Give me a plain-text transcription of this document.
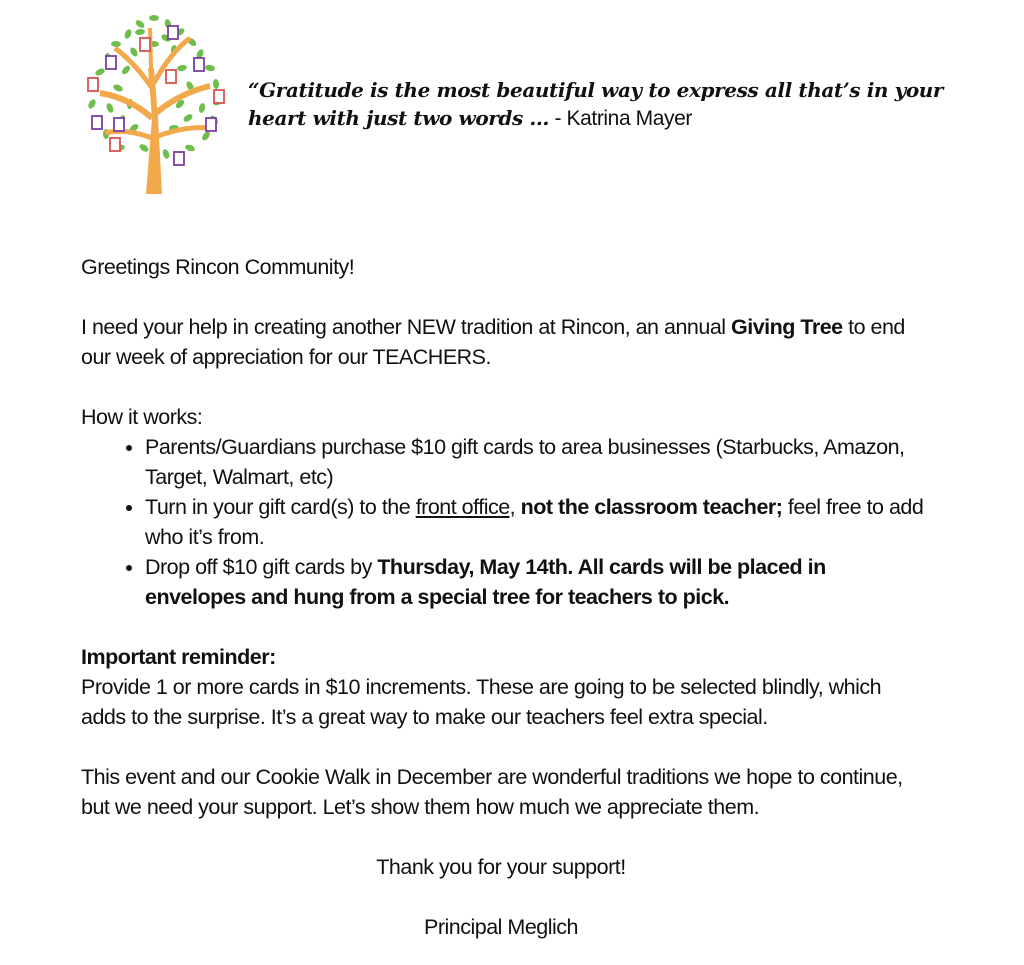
“Gratitude is the most beautiful way to express all that’s in your heart with just two words … - Katrina Mayer

Greetings Rincon Community!

I need your help in creating another NEW tradition at Rincon, an annual Giving Tree to end our week of appreciation for our TEACHERS.

How it works:

• Parents/Guardians purchase $10 gift cards to area businesses (Starbucks, Amazon, Target, Walmart, etc)
• Turn in your gift card(s) to the front office, not the classroom teacher; feel free to add who it’s from.
• Drop off $10 gift cards by Thursday, May 14th. All cards will be placed in envelopes and hung from a special tree for teachers to pick.

Important reminder:

Provide 1 or more cards in $10 increments. These are going to be selected blindly, which adds to the surprise. It’s a great way to make our teachers feel extra special.

This event and our Cookie Walk in December are wonderful traditions we hope to continue, but we need your support. Let’s show them how much we appreciate them.

Thank you for your support!

Principal Meglich
